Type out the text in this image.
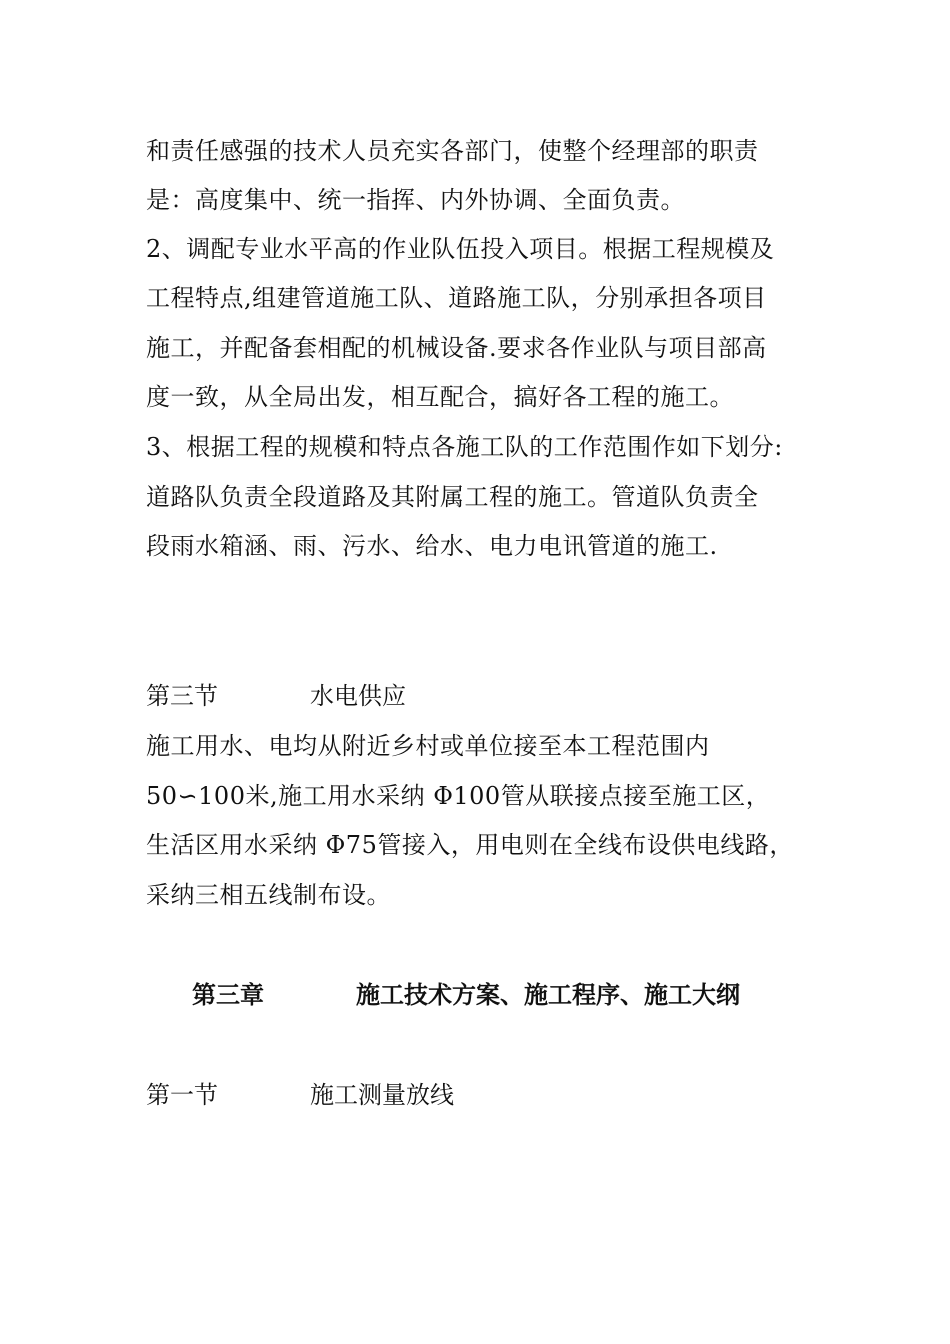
和责任感强的技术人员充实各部门，使整个经理部的职责
是：高度集中、统一指挥、内外协调、全面负责。
2、调配专业水平高的作业队伍投入项目。根据工程规模及
工程特点,组建管道施工队、道路施工队，分别承担各项目
施工，并配备套相配的机械设备.要求各作业队与项目部高
度一致，从全局出发，相互配合，搞好各工程的施工。
3、根据工程的规模和特点各施工队的工作范围作如下划分:
道路队负责全段道路及其附属工程的施工。管道队负责全
段雨水箱涵、雨、污水、给水、电力电讯管道的施工.
第三节	水电供应
施工用水、电均从附近乡村或单位接至本工程范围内
50∽100米,施工用水采纳 Φ100管从联接点接至施工区，
生活区用水采纳 Φ75管接入，用电则在全线布设供电线路，
采纳三相五线制布设。
第三章	施工技术方案、施工程序、施工大纲
第一节	施工测量放线
